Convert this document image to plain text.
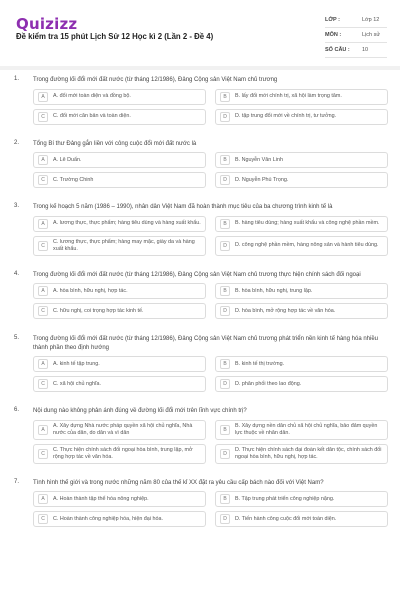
Quizizz
Đề kiểm tra 15 phút Lịch Sử 12 Học kì 2 (Lần 2 - Đề 4)
LỚP :	Lớp 12
MÔN :	Lịch sử
SỐ CÂU :	10
1. Trong đường lối đổi mới đất nước (từ tháng 12/1986), Đảng Cộng sản Việt Nam chủ trương
A	A. đổi mới toàn diện và đồng bộ.	B	B. lấy đổi mới chính trị, xã hội làm trọng tâm.
C	C. đổi mới căn bản và toàn diện.	D	D. tập trung đổi mới về chính trị, tư tưởng.
2. Tổng Bí thư Đảng gắn liền với công cuộc đổi mới đất nước là
A	A. Lê Duẩn.	B	B. Nguyễn Văn Linh
C	C. Trường Chinh	D	D. Nguyễn Phú Trọng.
3. Trong kế hoạch 5 năm (1986 – 1990), nhân dân Việt Nam đã hoàn thành mục tiêu của ba chương trình kinh tế là
A	A. lương thực, thực phẩm; hàng tiêu dùng và hàng xuất khẩu.	B	B. hàng tiêu dùng; hàng xuất khẩu và công nghệ phần mềm.
C
C. lương thực, thực phẩm; hàng may mặc, giày da và hàng xuất khẩu.	D	D. công nghệ phần mềm, hàng nông sản và hành tiêu dùng.
4. Trong đường lối đổi mới đất nước (từ tháng 12/1986), Đảng Cộng sản Việt Nam chủ trương thực hiện chính sách đối ngoại
A	A. hòa bình, hữu nghị, hợp tác.	B	B. hòa bình, hữu nghị, trung lập.
C	C. hữu nghị, coi trọng hợp tác kinh tế.	D	D. hòa bình, mở rộng hợp tác về văn hóa.
5. Trong đường lối đổi mới đất nước (từ tháng 12/1986), Đảng Cộng sản Việt Nam chủ trương phát triển nền kinh tế hàng hóa nhiều thành phần theo định hướng
A	A. kinh tế tập trung.	B	B. kinh tế thị trường.
C	C. xã hội chủ nghĩa.	D	D. phân phối theo lao động.
6. Nội dung nào không phản ánh đúng về đường lối đổi mới trên lĩnh vực chính trị?
A
A. Xây dựng Nhà nước pháp quyền xã hội chủ nghĩa, Nhà nước của dân, do dân và vì dân	B
B. Xây dựng nền dân chủ xã hội chủ nghĩa, bảo đảm quyền lực thuộc về nhân dân.
C
C. Thực hiện chính sách đối ngoại hòa bình, trung lập, mở rộng hợp tác về văn hóa.	D
D. Thực hiện chính sách đại đoàn kết dân tộc, chính sách đối ngoại hòa bình, hữu nghị, hợp tác.
7. Tình hình thế giới và trong nước những năm 80 của thế kỉ XX đặt ra yêu cầu cấp bách nào đối với Việt Nam?
A	A. Hoàn thành tập thể hóa nông nghiệp.	B	B. Tập trung phát triển công nghiệp nặng.
C	C. Hoàn thành công nghiệp hóa, hiện đại hóa.	D	D. Tiến hành công cuộc đổi mới toàn diện.
